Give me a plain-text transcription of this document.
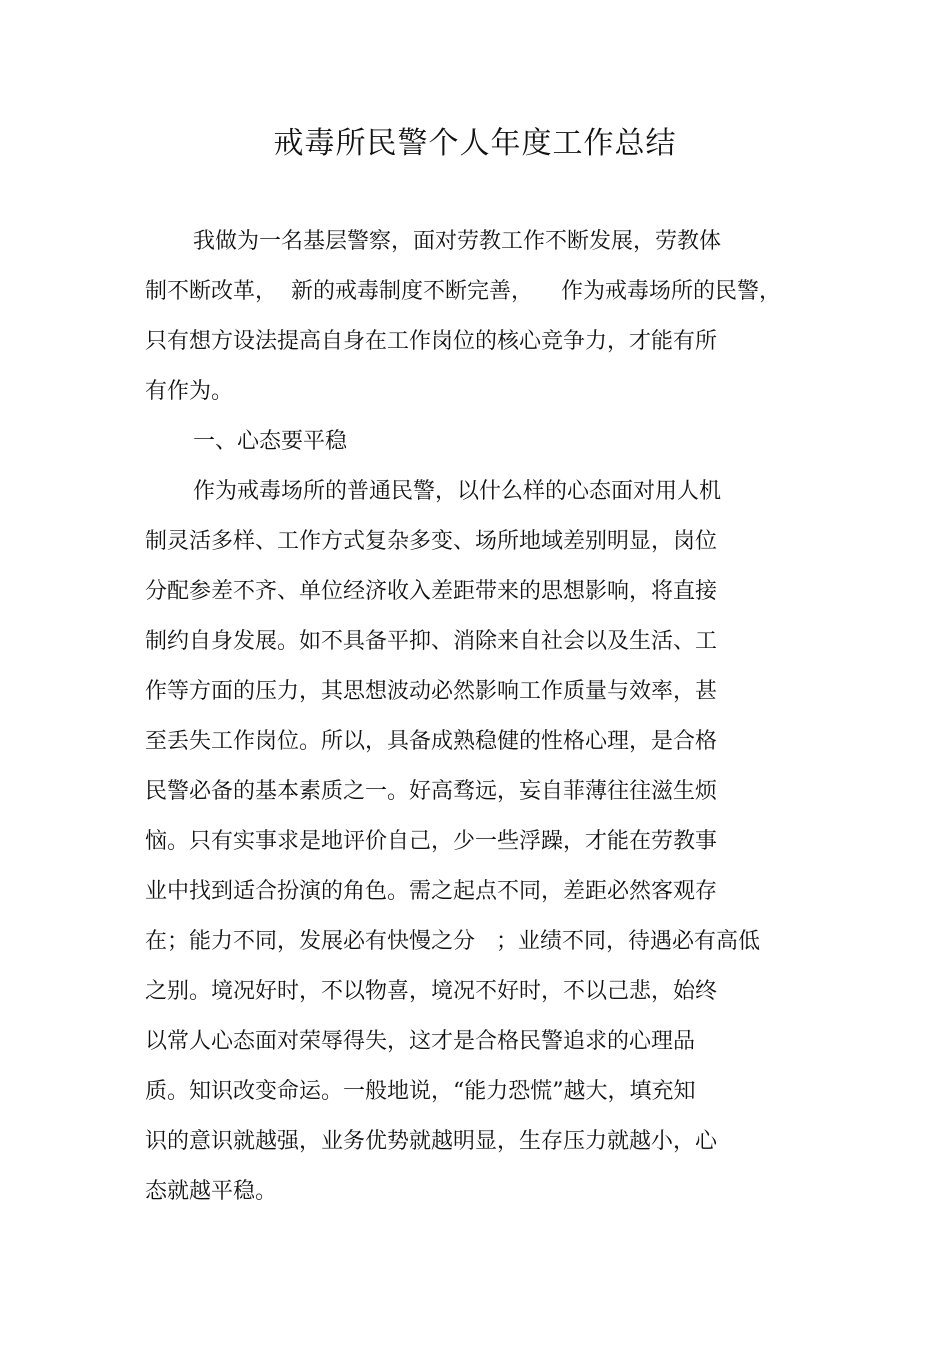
戒毒所民警个人年度工作总结
我做为一名基层警察，面对劳教工作不断发展，劳教体
制不断改革，  新的戒毒制度不断完善，    作为戒毒场所的民警，
只有想方设法提高自身在工作岗位的核心竞争力，才能有所
有作为。
一、心态要平稳
作为戒毒场所的普通民警，以什么样的心态面对用人机
制灵活多样、工作方式复杂多变、场所地域差别明显，岗位
分配参差不齐、单位经济收入差距带来的思想影响，将直接
制约自身发展。如不具备平抑、消除来自社会以及生活、工
作等方面的压力，其思想波动必然影响工作质量与效率，甚
至丢失工作岗位。所以，具备成熟稳健的性格心理，是合格
民警必备的基本素质之一。好高骛远，妄自菲薄往往滋生烦
恼。只有实事求是地评价自己，少一些浮躁，才能在劳教事
业中找到适合扮演的角色。需之起点不同，差距必然客观存
在；能力不同，发展必有快慢之分   ；业绩不同，待遇必有高低
之别。境况好时，不以物喜，境况不好时，不以己悲，始终
以常人心态面对荣辱得失，这才是合格民警追求的心理品
质。知识改变命运。一般地说，“能力恐慌”越大，填充知
识的意识就越强，业务优势就越明显，生存压力就越小，心
态就越平稳。
